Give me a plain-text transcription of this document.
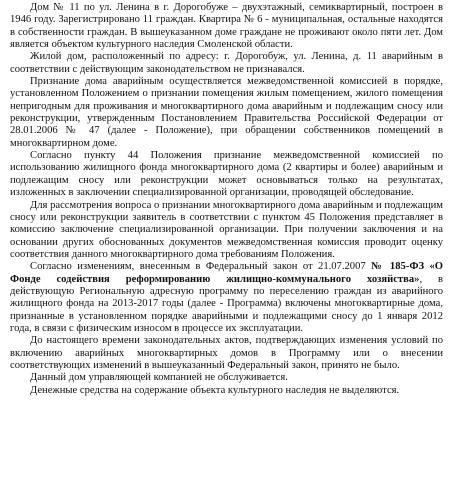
Дом № 11 по ул. Ленина в г. Дорогобуже – двухэтажный, семиквартирный, построен в 1946 году. Зарегистрировано 11 граждан. Квартира № 6 - муниципальная, остальные находятся в собственности граждан. В вышеуказанном доме граждане не проживают около пяти лет. Дом является объектом культурного наследия Смоленской области.

Жилой дом, расположенный по адресу: г. Дорогобуж, ул. Ленина, д. 11 аварийным в соответствии с действующим законодательством не признавался.

Признание дома аварийным осуществляется межведомственной комиссией в порядке, установленном Положением о признании помещения жилым помещением, жилого помещения непригодным для проживания и многоквартирного дома аварийным и подлежащим сносу или реконструкции, утвержденным Постановлением Правительства Российской Федерации от 28.01.2006 № 47 (далее - Положение), при обращении собственников помещений в многоквартирном доме.

Согласно пункту 44 Положения признание межведомственной комиссией по использованию жилищного фонда многоквартирного дома (2 квартиры и более) аварийным и подлежащим сносу или реконструкции может основываться только на результатах, изложенных в заключении специализированной организации, проводящей обследование.

Для рассмотрения вопроса о признании многоквартирного дома аварийным и подлежащим сносу или реконструкции заявитель в соответствии с пунктом 45 Положения представляет в комиссию заключение специализированной организации. При получении заключения и на основании других обоснованных документов межведомственная комиссия проводит оценку соответствия данного многоквартирного дома требованиям Положения.

Согласно изменениям, внесенным в Федеральный закон от 21.07.2007 № 185-ФЗ «О Фонде содействия реформированию жилищно-коммунального хозяйства», в действующую Региональную адресную программу по переселению граждан из аварийного жилищного фонда на 2013-2017 годы (далее - Программа) включены многоквартирные дома, признанные в установленном порядке аварийными и подлежащими сносу до 1 января 2012 года, в связи с физическим износом в процессе их эксплуатации.

До настоящего времени законодательных актов, подтверждающих изменения условий по включению аварийных многоквартирных домов в Программу или о внесении соответствующих изменений в вышеуказанный Федеральный закон, принято не было.

Данный дом управляющей компанией не обслуживается.

Денежные средства на содержание объекта культурного наследия не выделяются.
